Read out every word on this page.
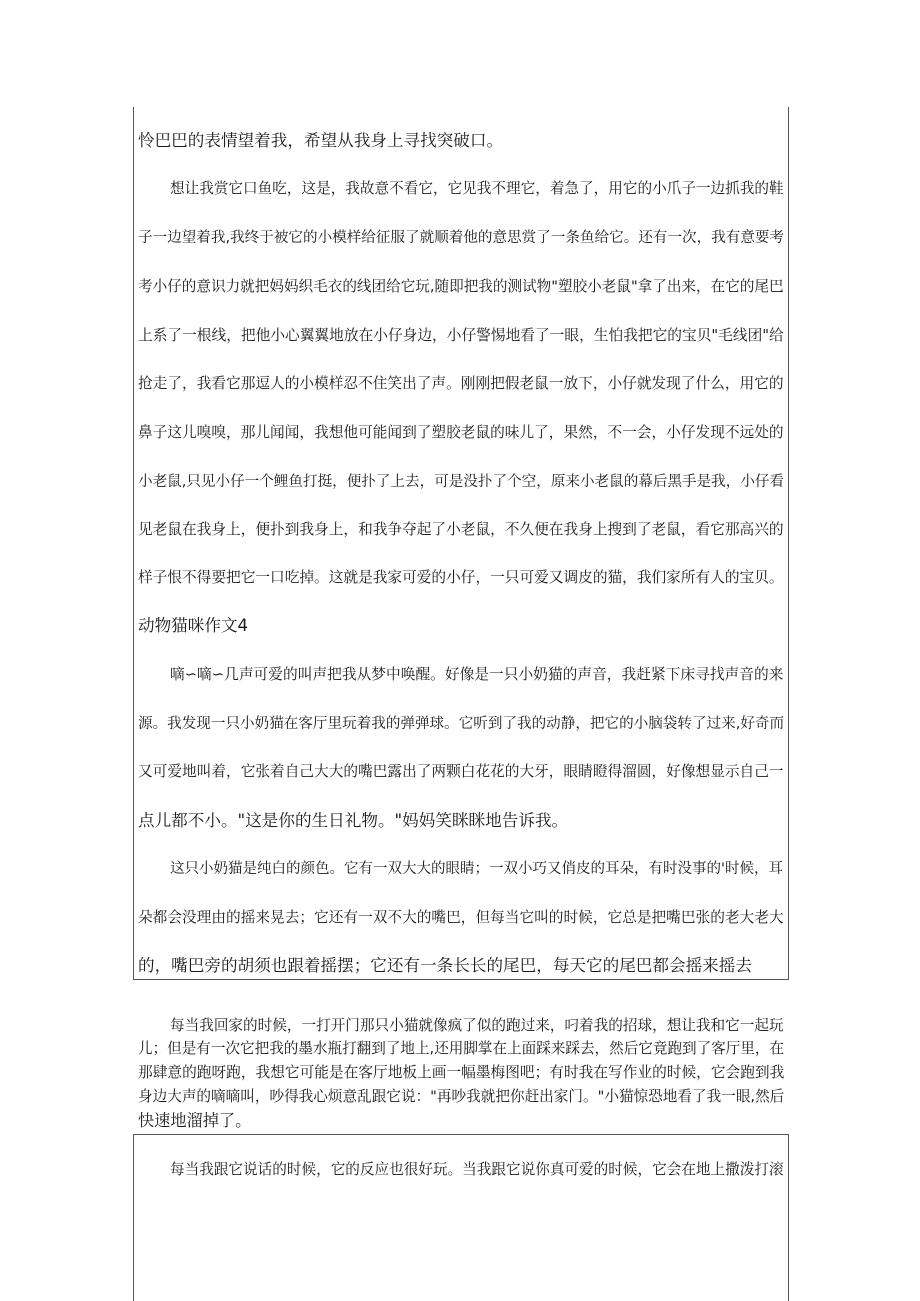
怜巴巴的表情望着我，希望从我身上寻找突破口。
想让我赏它口鱼吃，这是，我故意不看它，它见我不理它，着急了，用它的小爪子一边抓我的鞋
子一边望着我,我终于被它的小模样给征服了就顺着他的意思赏了一条鱼给它。还有一次，我有意要考
考小仔的意识力就把妈妈织毛衣的线团给它玩,随即把我的测试物"塑胶小老鼠"拿了出来，在它的尾巴
上系了一根线，把他小心翼翼地放在小仔身边，小仔警惕地看了一眼，生怕我把它的宝贝"毛线团"给
抢走了，我看它那逗人的小模样忍不住笑出了声。刚刚把假老鼠一放下，小仔就发现了什么，用它的
鼻子这儿嗅嗅，那儿闻闻，我想他可能闻到了塑胶老鼠的味儿了，果然，不一会，小仔发现不远处的
小老鼠,只见小仔一个鲤鱼打挺，便扑了上去，可是没扑了个空，原来小老鼠的幕后黑手是我，小仔看
见老鼠在我身上，便扑到我身上，和我争夺起了小老鼠，不久便在我身上搜到了老鼠，看它那高兴的
样子恨不得要把它一口吃掉。这就是我家可爱的小仔，一只可爱又调皮的猫，我们家所有人的宝贝。
动物猫咪作文4
嘀∽嘀∽几声可爱的叫声把我从梦中唤醒。好像是一只小奶猫的声音，我赶紧下床寻找声音的来
源。我发现一只小奶猫在客厅里玩着我的弹弹球。它听到了我的动静，把它的小脑袋转了过来,好奇而
又可爱地叫着，它张着自己大大的嘴巴露出了两颗白花花的大牙，眼睛瞪得溜圆，好像想显示自己一
点儿都不小。"这是你的生日礼物。"妈妈笑眯眯地告诉我。
这只小奶猫是纯白的颜色。它有一双大大的眼睛；一双小巧又俏皮的耳朵，有时没事的'时候，耳
朵都会没理由的摇来晃去；它还有一双不大的嘴巴，但每当它叫的时候，它总是把嘴巴张的老大老大
的，嘴巴旁的胡须也跟着摇摆；它还有一条长长的尾巴，每天它的尾巴都会摇来摇去
每当我回家的时候，一打开门那只小猫就像疯了似的跑过来，叼着我的招球，想让我和它一起玩
儿；但是有一次它把我的墨水瓶打翻到了地上,还用脚掌在上面踩来踩去，然后它竟跑到了客厅里，在
那肆意的跑呀跑，我想它可能是在客厅地板上画一幅墨梅图吧；有时我在写作业的时候，它会跑到我
身边大声的嘀嘀叫，吵得我心烦意乱跟它说："再吵我就把你赶出家门。"小猫惊恐地看了我一眼,然后
快速地溜掉了。
每当我跟它说话的时候，它的反应也很好玩。当我跟它说你真可爱的时候，它会在地上撒泼打滚
